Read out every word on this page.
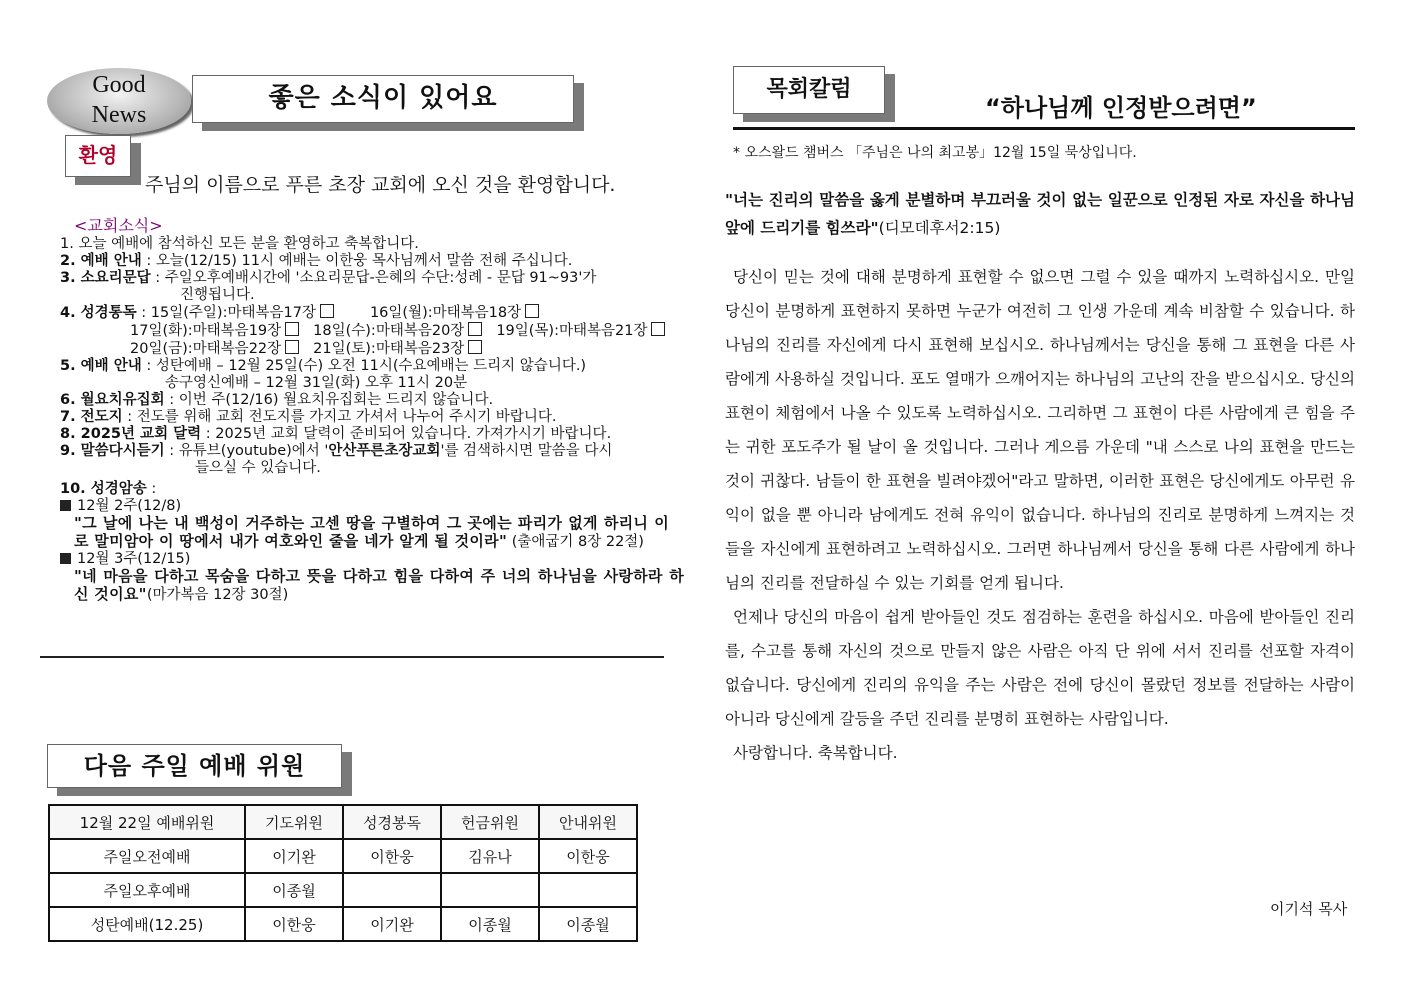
Good
News
좋은 소식이 있어요
환영
주님의 이름으로 푸른 초장 교회에 오신 것을 환영합니다.
<교회소식>
1. 오늘 예배에 참석하신 모든 분을 환영하고 축복합니다.
2. 예배 안내 : 오늘(12/15) 11시 예배는 이한웅 목사님께서 말씀 전해 주십니다.
3. 소요리문답 : 주일오후예배시간에 '소요리문답-은혜의 수단:성례 - 문답 91~93'가
진행됩니다.
4. 성경통독 : 15일(주일):마태복음17장	16일(월):마태복음18장
17일(화):마태복음19장 18일(수):마태복음20장 19일(목):마태복음21장
20일(금):마태복음22장 21일(토):마태복음23장
5. 예배 안내 : 성탄예배 – 12월 25일(수) 오전 11시(수요예배는 드리지 않습니다.)
송구영신예배 – 12월 31일(화) 오후 11시 20분
6. 월요치유집회 : 이번 주(12/16) 월요치유집회는 드리지 않습니다.
7. 전도지 : 전도를 위해 교회 전도지를 가지고 가셔서 나누어 주시기 바랍니다.
8. 2025년 교회 달력 : 2025년 교회 달력이 준비되어 있습니다. 가져가시기 바랍니다.
9. 말씀다시듣기 : 유튜브(youtube)에서 '안산푸른초장교회'를 검색하시면 말씀을 다시
들으실 수 있습니다.
10. 성경암송 :
12월 2주(12/8)
"그 날에 나는 내 백성이 거주하는 고센 땅을 구별하여 그 곳에는 파리가 없게 하리니 이로 말미암아 이 땅에서 내가 여호와인 줄을 네가 알게 될 것이라" (출애굽기 8장 22절)
12월 3주(12/15)
"네 마음을 다하고 목숨을 다하고 뜻을 다하고 힘을 다하여 주 너의 하나님을 사랑하라 하신 것이요"(마가복음 12장 30절)
다음 주일 예배 위원
12월 22일 예배위원	기도위원	성경봉독	헌금위원	안내위원
주일오전예배	이기완	이한웅	김유나	이한웅
주일오후예배	이종월			
성탄예배(12.25)	이한웅	이기완	이종월	이종월
목회칼럼
“하나님께 인정받으려면”
* 오스왈드 챔버스 「주님은 나의 최고봉」12월 15일 묵상입니다.

"너는 진리의 말씀을 옳게 분별하며 부끄러울 것이 없는 일꾼으로 인정된 자로 자신을 하나님 앞에 드리기를 힘쓰라"(디모데후서2:15)

당신이 믿는 것에 대해 분명하게 표현할 수 없으면 그럴 수 있을 때까지 노력하십시오. 만일 당신이 분명하게 표현하지 못하면 누군가 여전히 그 인생 가운데 계속 비참할 수 있습니다. 하나님의 진리를 자신에게 다시 표현해 보십시오. 하나님께서는 당신을 통해 그 표현을 다른 사람에게 사용하실 것입니다. 포도 열매가 으깨어지는 하나님의 고난의 잔을 받으십시오. 당신의 표현이 체험에서 나올 수 있도록 노력하십시오. 그리하면 그 표현이 다른 사람에게 큰 힘을 주는 귀한 포도주가 될 날이 올 것입니다. 그러나 게으름 가운데 "내 스스로 나의 표현을 만드는 것이 귀찮다. 남들이 한 표현을 빌려야겠어"라고 말하면, 이러한 표현은 당신에게도 아무런 유익이 없을 뿐 아니라 남에게도 전혀 유익이 없습니다. 하나님의 진리로 분명하게 느껴지는 것들을 자신에게 표현하려고 노력하십시오. 그러면 하나님께서 당신을 통해 다른 사람에게 하나님의 진리를 전달하실 수 있는 기회를 얻게 됩니다.

언제나 당신의 마음이 쉽게 받아들인 것도 점검하는 훈련을 하십시오. 마음에 받아들인 진리를, 수고를 통해 자신의 것으로 만들지 않은 사람은 아직 단 위에 서서 진리를 선포할 자격이 없습니다. 당신에게 진리의 유익을 주는 사람은 전에 당신이 몰랐던 정보를 전달하는 사람이 아니라 당신에게 갈등을 주던 진리를 분명히 표현하는 사람입니다.

사랑합니다. 축복합니다.

이기석 목사
